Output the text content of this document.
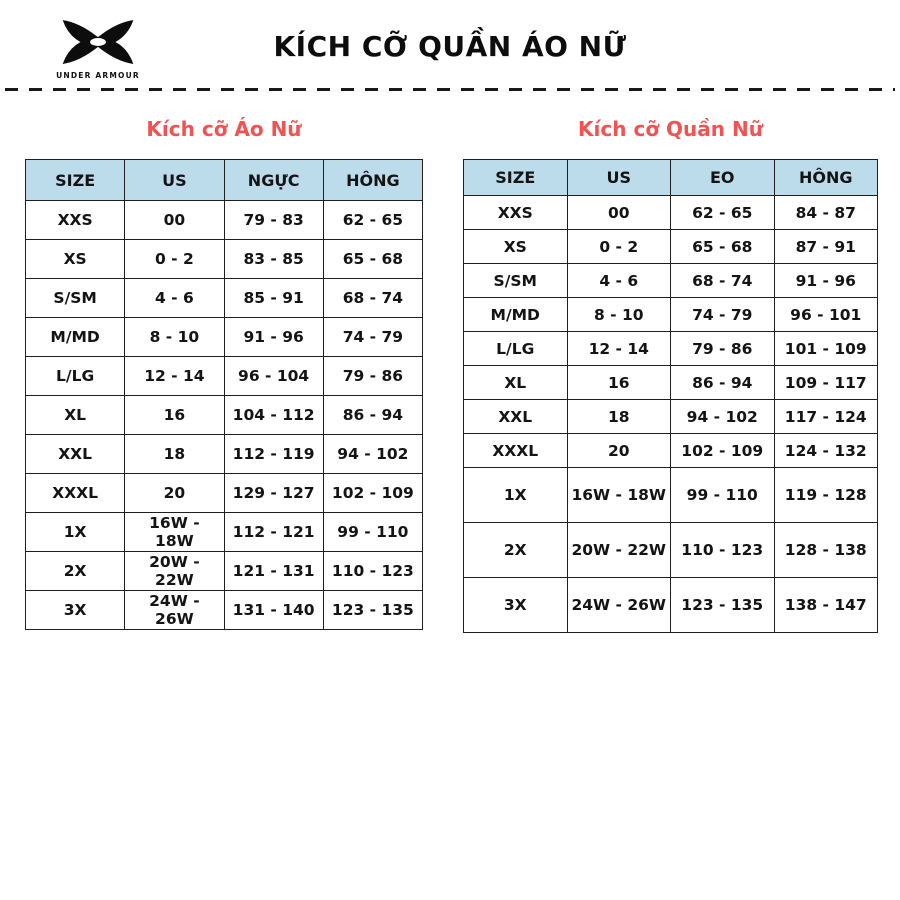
UNDER ARMOUR
KÍCH CỠ QUẦN ÁO NỮ
Kích cỡ Áo Nữ
SIZE	US	NGỰC	HÔNG
XXS	00	79 - 83	62 - 65
XS	0 - 2	83 - 85	65 - 68
S/SM	4 - 6	85 - 91	68 - 74
M/MD	8 - 10	91 - 96	74 - 79
L/LG	12 - 14	96 - 104	79 - 86
XL	16	104 - 112	86 - 94
XXL	18	112 - 119	94 - 102
XXXL	20	129 - 127	102 - 109
1X	16W - 18W	112 - 121	99 - 110
2X	20W - 22W	121 - 131	110 - 123
3X	24W - 26W	131 - 140	123 - 135
Kích cỡ Quần Nữ
SIZE	US	EO	HÔNG
XXS	00	62 - 65	84 - 87
XS	0 - 2	65 - 68	87 - 91
S/SM	4 - 6	68 - 74	91 - 96
M/MD	8 - 10	74 - 79	96 - 101
L/LG	12 - 14	79 - 86	101 - 109
XL	16	86 - 94	109 - 117
XXL	18	94 - 102	117 - 124
XXXL	20	102 - 109	124 - 132
1X	16W - 18W	99 - 110	119 - 128
2X	20W - 22W	110 - 123	128 - 138
3X	24W - 26W	123 - 135	138 - 147
